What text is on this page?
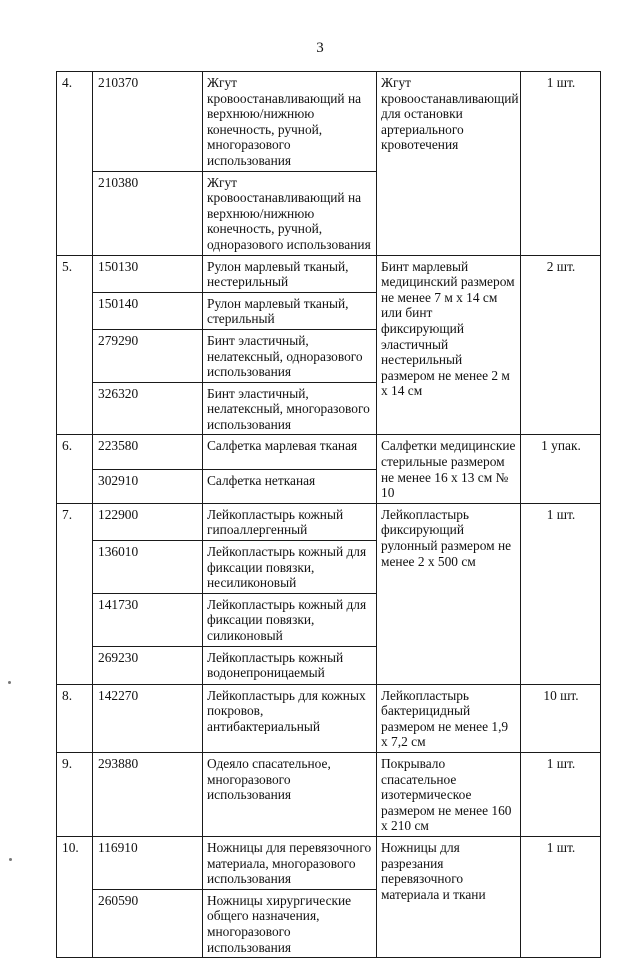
3
4.	210370	Жгут кровоостанавливающий на верхнюю/нижнюю конечность, ручной, многоразового использования	Жгут кровоостанавливающий для остановки артериального кровотечения	1 шт.
	210380	Жгут кровоостанавливающий на верхнюю/нижнюю конечность, ручной, одноразового использования		
5.	150130	Рулон марлевый тканый, нестерильный	Бинт марлевый медицинский размером не менее 7 м x 14 см или бинт фиксирующий эластичный нестерильный размером не менее 2 м x 14 см	2 шт.
	150140	Рулон марлевый тканый, стерильный		
	279290	Бинт эластичный, нелатексный, одноразового использования		
	326320	Бинт эластичный, нелатексный, многоразового использования		
6.	223580	Салфетка марлевая тканая	Салфетки медицинские стерильные размером не менее 16 x 13 см № 10	1 упак.
	302910	Салфетка нетканая		
7.	122900	Лейкопластырь кожный гипоаллергенный	Лейкопластырь фиксирующий рулонный размером не менее 2 x 500 см	1 шт.
	136010	Лейкопластырь кожный для фиксации повязки, несиликоновый		
	141730	Лейкопластырь кожный для фиксации повязки, силиконовый		
	269230	Лейкопластырь кожный водонепроницаемый		
8.	142270	Лейкопластырь для кожных покровов, антибактериальный	Лейкопластырь бактерицидный размером не менее 1,9 x 7,2 см	10 шт.
9.	293880	Одеяло спасательное, многоразового использования	Покрывало спасательное изотермическое размером не менее 160 x 210 см	1 шт.
10.	116910	Ножницы для перевязочного материала, многоразового использования	Ножницы для разрезания перевязочного материала и ткани	1 шт.
	260590	Ножницы хирургические общего назначения, многоразового использования		
